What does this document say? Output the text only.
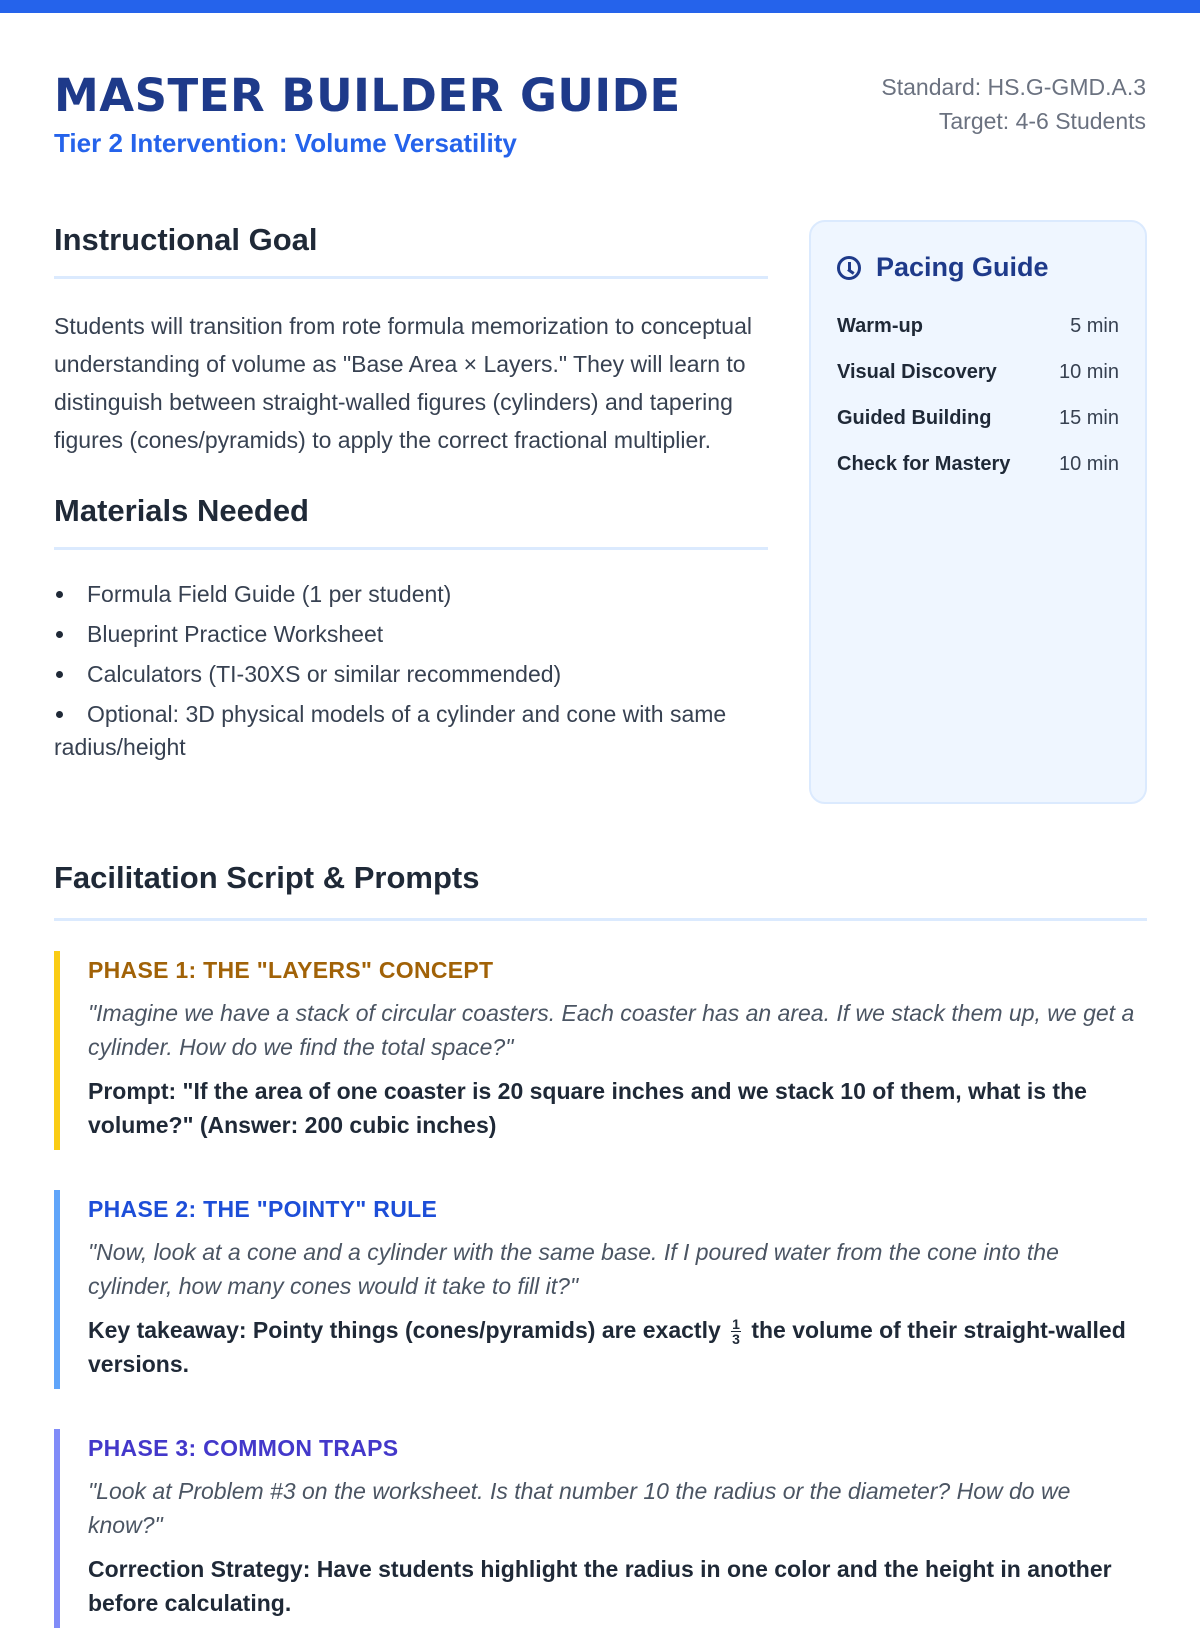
MASTER BUILDER GUIDE
Tier 2 Intervention: Volume Versatility
Standard: HS.G-GMD.A.3
Target: 4-6 Students
Instructional Goal

Students will transition from rote formula memorization to conceptual understanding of volume as "Base Area × Layers." They will learn to distinguish between straight-walled figures (cylinders) and tapering figures (cones/pyramids) to apply the correct fractional multiplier.

Materials Needed
Formula Field Guide (1 per student)
Blueprint Practice Worksheet
Calculators (TI-30XS or similar recommended)
Optional: 3D physical models of a cylinder and cone with same radius/height
Pacing Guide
Warm-up	5 min
Visual Discovery	10 min
Guided Building	15 min
Check for Mastery 10 min
Facilitation Script & Prompts
PHASE 1: THE "LAYERS" CONCEPT
"Imagine we have a stack of circular coasters. Each coaster has an area. If we stack them up, we get a cylinder. How do we find the total space?"
Prompt: "If the area of one coaster is 20 square inches and we stack 10 of them, what is the volume?" (Answer: 200 cubic inches)
PHASE 2: THE "POINTY" RULE
"Now, look at a cone and a cylinder with the same base. If I poured water from the cone into the cylinder, how many cones would it take to fill it?"
Key takeaway: Pointy things (cones/pyramids) are exactly $\frac{1}{3}$ the volume of their straight-walled versions.
PHASE 3: COMMON TRAPS
"Look at Problem #3 on the worksheet. Is that number 10 the radius or the diameter? How do we know?"
Correction Strategy: Have students highlight the radius in one color and the height in another before calculating.
